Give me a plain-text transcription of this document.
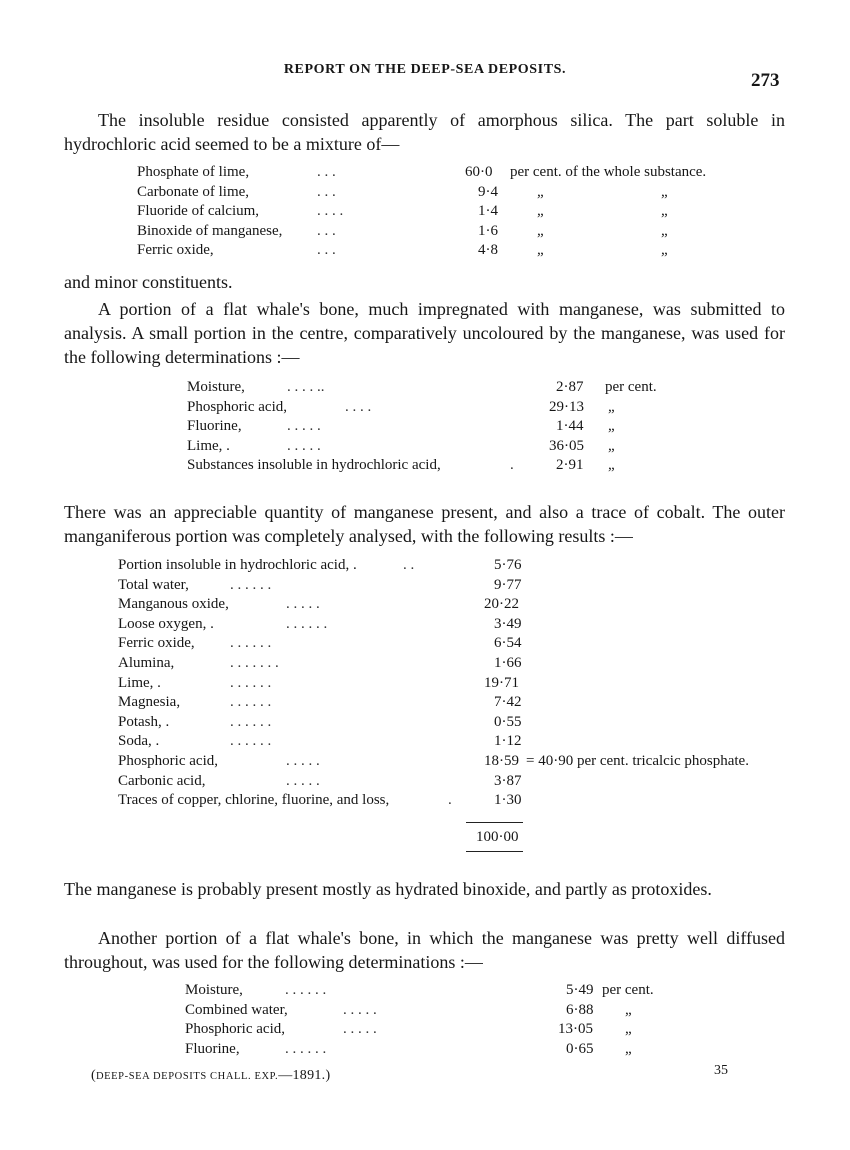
REPORT ON THE DEEP-SEA DEPOSITS.
273

The insoluble residue consisted apparently of amorphous silica. The part soluble in hydrochloric acid seemed to be a mixture of—

Phosphate of lime,	. . .	60·0 per cent. of the whole substance.
Carbonate of lime,	. . .	9·4	„	„
Fluoride of calcium,	. . . .	1·4	„	„
Binoxide of manganese, . . .	1·6	„	„
Ferric oxide,	. . .	4·8	„	„

and minor constituents.

A portion of a flat whale's bone, much impregnated with manganese, was submitted to analysis. A small portion in the centre, comparatively uncoloured by the manganese, was used for the following determinations :—

Moisture,	. . . . ..	2·87 per cent.
Phosphoric acid,	. . . .	29·13 „
Fluorine,	. . . . .	1·44 „
Lime, .	. . . . .	36·05 „
Substances insoluble in hydrochloric acid,	.	2·91 „

There was an appreciable quantity of manganese present, and also a trace of cobalt. The outer manganiferous portion was completely analysed, with the following results :—

Portion insoluble in hydrochloric acid, .	. .	5·76
Total water,	. . . . . .	9·77
Manganous oxide,	. . . . .	20·22
Loose oxygen, .	. . . . . .	3·49
Ferric oxide, . . . . . .	6·54
Alumina,	. . . . . . .	1·66
Lime, .	. . . . . .	19·71
Magnesia,	. . . . . .	7·42
Potash, .	. . . . . .	0·55
Soda, .	. . . . . .	1·12
Phosphoric acid,	. . . . .	18·59 = 40·90 per cent. tricalcic phosphate.
Carbonic acid,	. . . . .	3·87
Traces of copper, chlorine, fluorine, and loss,	.	1·30
100·00

The manganese is probably present mostly as hydrated binoxide, and partly as protoxides.

Another portion of a flat whale's bone, in which the manganese was pretty well diffused throughout, was used for the following determinations :—

Moisture,	. . . . . .	5·49 per cent.
Combined water,	. . . . .	6·88 „
Phosphoric acid,	. . . . .	13·05 „
Fluorine,	. . . . . .	0·65 „
(DEEP-SEA DEPOSITS CHALL. EXP.—1891.)	35
